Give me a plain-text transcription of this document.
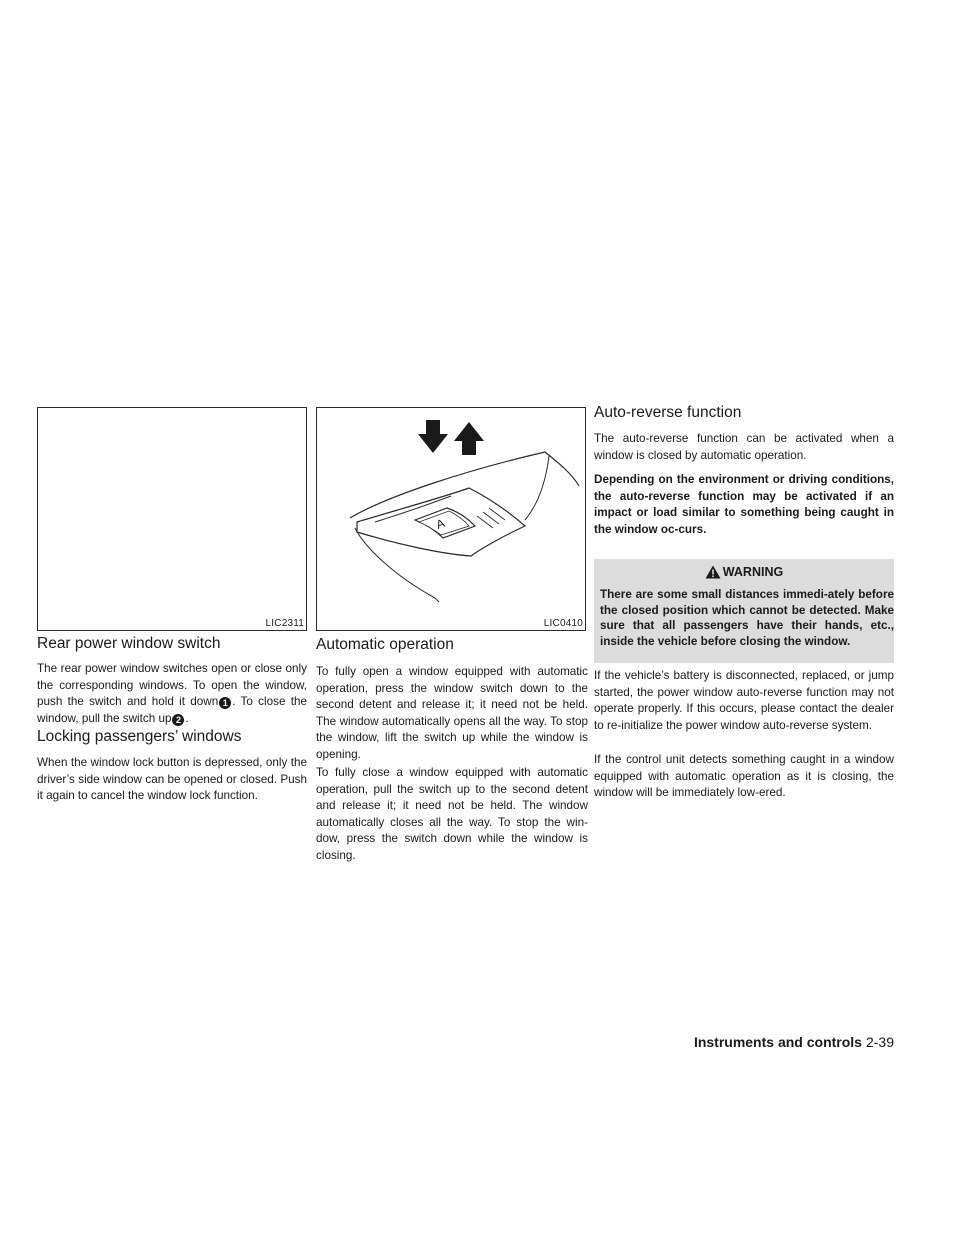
LIC2311
Rear power window switch

The rear power window switches open or close only the corresponding windows. To open the window, push the switch and hold it down 1 . To close the window, pull the switch up 2 .

Locking passengers’ windows

When the window lock button is depressed, only the driver’s side window can be opened or closed. Push it again to cancel the window lock function.

A
LIC0410
Automatic operation

To fully open a window equipped with automatic operation, press the window switch down to the second detent and release it; it need not be held. The window automatically opens all the way. To stop the window, lift the switch up while the window is opening.

To fully close a window equipped with automatic operation, pull the switch up to the second detent and release it; it need not be held. The window automatically closes all the way. To stop the win-dow, press the switch down while the window is closing.

Auto-reverse function

The auto-reverse function can be activated when a window is closed by automatic operation.

Depending on the environment or driving conditions, the auto-reverse function may be activated if an impact or load similar to something being caught in the window oc-curs.

WARNING

There are some small distances immedi-ately before the closed position which cannot be detected. Make sure that all passengers have their hands, etc., inside the vehicle before closing the window.

If the vehicle’s battery is disconnected, replaced, or jump started, the power window auto-reverse function may not operate properly. If this occurs, please contact the dealer to re-initialize the power window auto-reverse system.

If the control unit detects something caught in a window equipped with automatic operation as it is closing, the window will be immediately low-ered.

Instruments and controls 2-39
